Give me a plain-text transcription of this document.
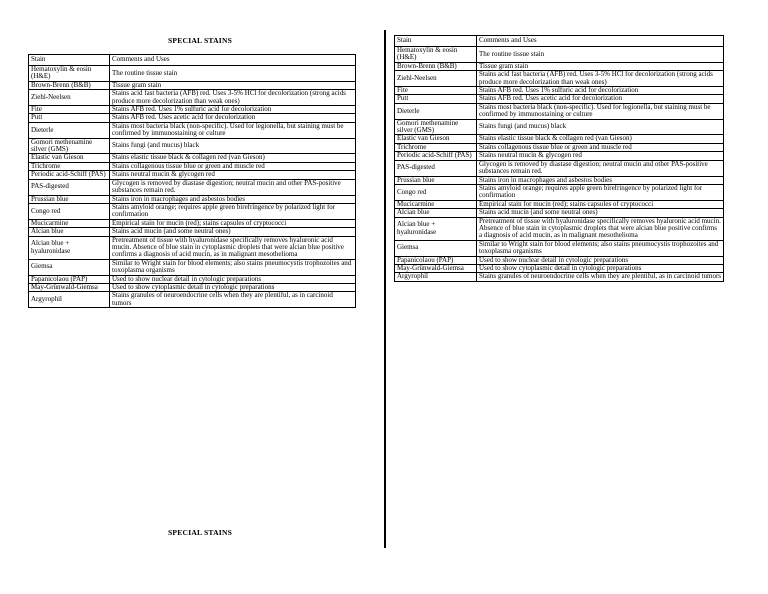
SPECIAL STAINS
Stain	Comments and Uses
Hematoxylin & eosin (H&E)	The routine tissue stain
Brown-Brenn (B&B)	Tissue gram stain
Ziehl-Neelsen	Stains acid fast bacteria (AFB) red. Uses 3-5% HCl for decolorization (strong acids produce more decolorization than weak ones)
Fite	Stains AFB red. Uses 1% sulfuric acid for decolorization
Putt	Stains AFB red. Uses acetic acid for decolorization
Dieterle	Stains most bacteria black (non-specific). Used for legionella, but staining must be confirmed by immunostaining or culture
Gomori methenamine silver (GMS)	Stains fungi (and mucus) black
Elastic van Gieson	Stains elastic tissue black & collagen red (van Gieson)
Trichrome	Stains collagenous tissue blue or green and muscle red
Periodic acid-Schiff (PAS)	Stains neutral mucin & glycogen red
PAS-digested	Glycogen is removed by diastase digestion; neutral mucin and other PAS-positive substances remain red.
Prussian blue	Stains iron in macrophages and asbestos bodies
Congo red	Stains amyloid orange; requires apple green birefringence by polarized light for confirmation
Mucicarmine	Empirical stain for mucin (red); stains capsules of cryptococci
Alcian blue	Stains acid mucin (and some neutral ones)
Alcian blue + hyaluronidase	Pretreatment of tissue with hyaluronidase specifically removes hyaluronic acid mucin. Absence of blue stain in cytoplasmic droplets that were alcian blue positive confirms a diagnosis of acid mucin, as in malignant mesothelioma
Giemsa	Similar to Wright stain for blood elements; also stains pneumocystis trophozoites and toxoplasma organisms
Papanicolaou (PAP)	Used to show nuclear detail in cytologic preparations
May-Grünwald-Giemsa	Used to show cytoplasmic detail in cytologic preparations
Argyrophil	Stains granules of neuroendocrine cells when they are plentiful, as in carcinoid tumors
Stain	Comments and Uses
Hematoxylin & eosin (H&E)	The routine tissue stain
Brown-Brenn (B&B)	Tissue gram stain
Ziehl-Neelsen	Stains acid fast bacteria (AFB) red. Uses 3-5% HCl for decolorization (strong acids produce more decolorization than weak ones)
Fite	Stains AFB red. Uses 1% sulfuric acid for decolorization
Putt	Stains AFB red. Uses acetic acid for decolorization
Dieterle	Stains most bacteria black (non-specific). Used for legionella, but staining must be confirmed by immunostaining or culture
Gomori methenamine silver (GMS)	Stains fungi (and mucus) black
Elastic van Gieson	Stains elastic tissue black & collagen red (van Gieson)
Trichrome	Stains collagenous tissue blue or green and muscle red
Periodic acid-Schiff (PAS)	Stains neutral mucin & glycogen red
PAS-digested	Glycogen is removed by diastase digestion; neutral mucin and other PAS-positive substances remain red.
Prussian blue	Stains iron in macrophages and asbestos bodies
Congo red	Stains amyloid orange; requires apple green birefringence by polarized light for confirmation
Mucicarmine	Empirical stain for mucin (red); stains capsules of cryptococci
Alcian blue	Stains acid mucin (and some neutral ones)
Alcian blue + hyaluronidase	Pretreatment of tissue with hyaluronidase specifically removes hyaluronic acid mucin. Absence of blue stain in cytoplasmic droplets that were alcian blue positive confirms a diagnosis of acid mucin, as in malignant mesothelioma
Giemsa	Similar to Wright stain for blood elements; also stains pneumocystis trophozoites and toxoplasma organisms
Papanicolaou (PAP)	Used to show nuclear detail in cytologic preparations
May-Grünwald-Giemsa	Used to show cytoplasmic detail in cytologic preparations
Argyrophil	Stains granules of neuroendocrine cells when they are plentiful, as in carcinoid tumors
SPECIAL STAINS
